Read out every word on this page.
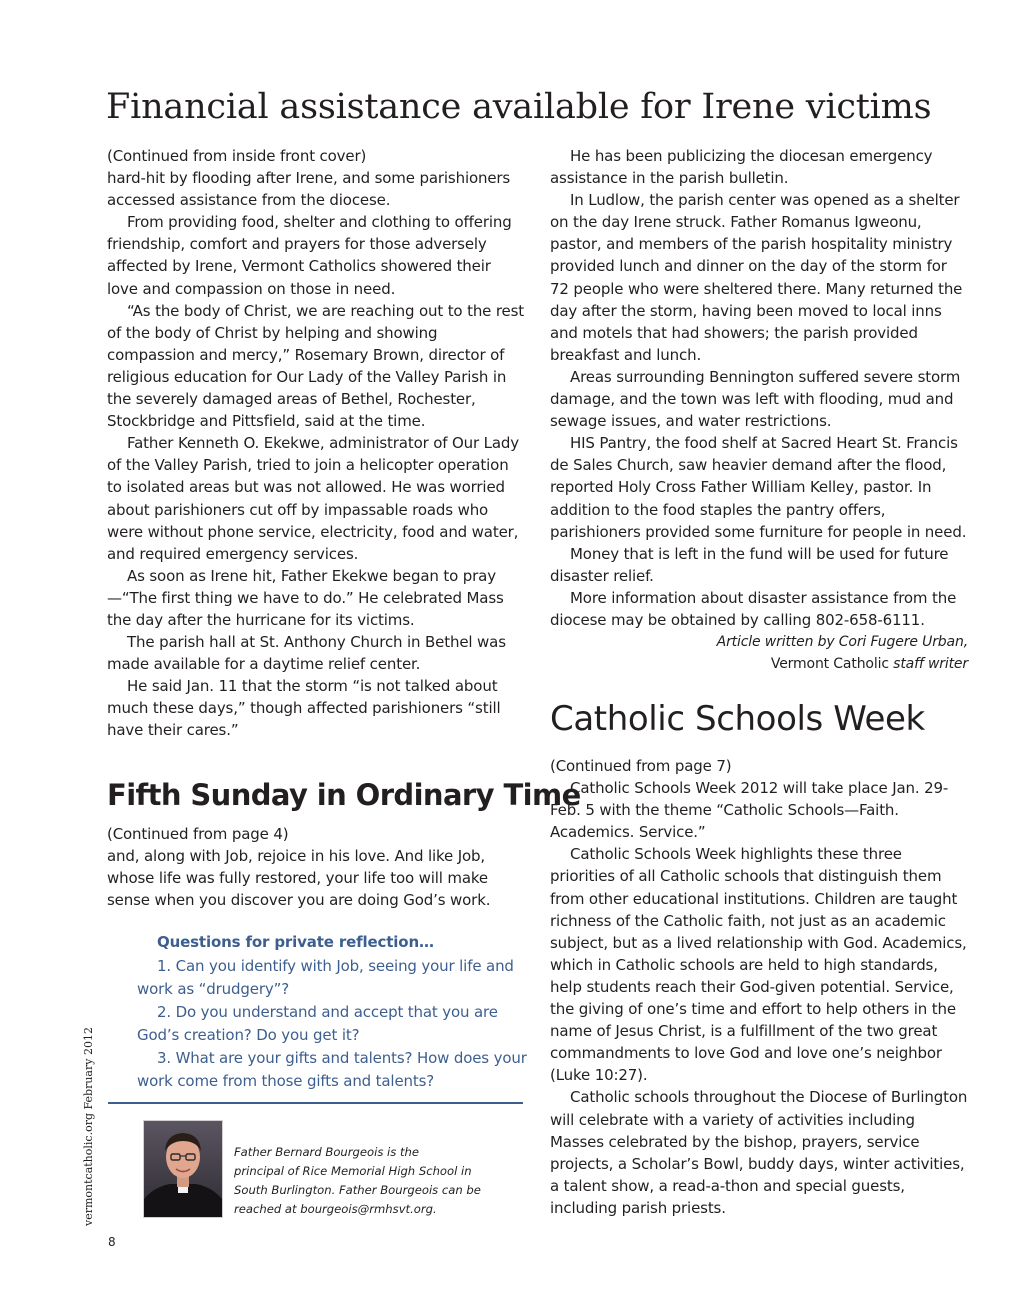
Financial assistance available for Irene victims

(Continued from inside front cover)

hard-hit by flooding after Irene, and some parishioners accessed assistance from the diocese.

From providing food, shelter and clothing to offering friendship, comfort and prayers for those adversely affected by Irene, Vermont Catholics showered their love and compassion on those in need.

“As the body of Christ, we are reaching out to the rest of the body of Christ by helping and showing compassion and mercy,” Rosemary Brown, director of religious education for Our Lady of the Valley Parish in the severely damaged areas of Bethel, Rochester, Stockbridge and Pittsfield, said at the time.

Father Kenneth O. Ekekwe, administrator of Our Lady of the Valley Parish, tried to join a helicopter operation to isolated areas but was not allowed. He was worried about parishioners cut off by impassable roads who were without phone service, electricity, food and water, and required emergency services.

As soon as Irene hit, Father Ekekwe began to pray—“The first thing we have to do.” He celebrated Mass the day after the hurricane for its victims.

The parish hall at St. Anthony Church in Bethel was made available for a daytime relief center.

He said Jan. 11 that the storm “is not talked about much these days,” though affected parishioners “still have their cares.”

He has been publicizing the diocesan emergency assistance in the parish bulletin.

In Ludlow, the parish center was opened as a shelter on the day Irene struck. Father Romanus Igweonu, pastor, and members of the parish hospitality ministry provided lunch and dinner on the day of the storm for 72 people who were sheltered there. Many returned the day after the storm, having been moved to local inns and motels that had showers; the parish provided breakfast and lunch.

Areas surrounding Bennington suffered severe storm damage, and the town was left with flooding, mud and sewage issues, and water restrictions.

HIS Pantry, the food shelf at Sacred Heart St. Francis de Sales Church, saw heavier demand after the flood, reported Holy Cross Father William Kelley, pastor. In addition to the food staples the pantry offers, parishioners provided some furniture for people in need.

Money that is left in the fund will be used for future disaster relief.

More information about disaster assistance from the diocese may be obtained by calling 802-658-6111.

Article written by Cori Fugere Urban,
Vermont Catholic staff writer
Catholic Schools Week

(Continued from page 7)

Catholic Schools Week 2012 will take place Jan. 29-Feb. 5 with the theme “Catholic Schools—Faith. Academics. Service.”

Catholic Schools Week highlights these three priorities of all Catholic schools that distinguish them from other educational institutions. Children are taught richness of the Catholic faith, not just as an academic subject, but as a lived relationship with God. Academics, which in Catholic schools are held to high standards, help students reach their God-given potential. Service, the giving of one’s time and effort to help others in the name of Jesus Christ, is a fulfillment of the two great commandments to love God and love one’s neighbor (Luke 10:27).

Catholic schools throughout the Diocese of Burlington will celebrate with a variety of activities including Masses celebrated by the bishop, prayers, service projects, a Scholar’s Bowl, buddy days, winter activities, a talent show, a read-a-thon and special guests, including parish priests.

Fifth Sunday in Ordinary Time

(Continued from page 4)

and, along with Job, rejoice in his love. And like Job, whose life was fully restored, your life too will make sense when you discover you are doing God’s work.

Questions for private reflection…

1. Can you identify with Job, seeing your life and work as “drudgery”?

2. Do you understand and accept that you are God’s creation? Do you get it?

3. What are your gifts and talents? How does your work come from those gifts and talents?

Father Bernard Bourgeois is the
principal of Rice Memorial High School in
South Burlington. Father Bourgeois can be
reached at bourgeois@rmhsvt.org.

vermontcatholic.org February 2012
8
